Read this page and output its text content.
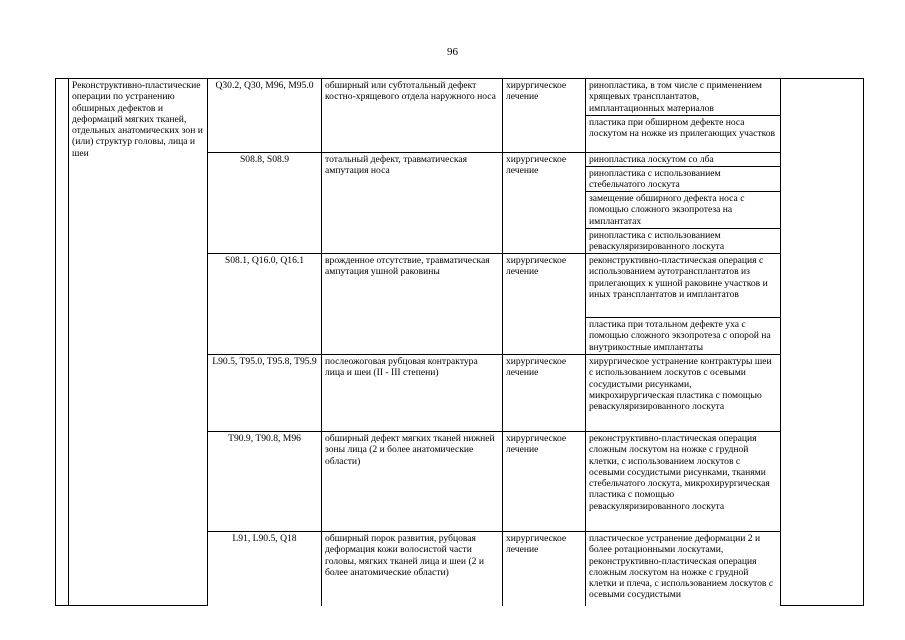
96
	Реконструктивно-пластические операции по устранению обширных дефектов и деформаций мягких тканей, отдельных анатомических зон и (или) структур головы, лица и шеи	Q30.2, Q30, M96, M95.0	обширный или субтотальный дефект костно-хрящевого отдела наружного носа	хирургическое лечение	ринопластика, в том числе с применением хрящевых трансплантатов, имплантационных материалов	
					пластика при обширном дефекте носа лоскутом на ножке из прилегающих участков	
		S08.8, S08.9	тотальный дефект, травматическая ампутация носа	хирургическое лечение	ринопластика лоскутом со лба	
					ринопластика с использованием стебельчатого лоскута	
					замещение обширного дефекта носа с помощью сложного экзопротеза на имплантатах	
					ринопластика с использованием реваскуляризированного лоскута	
		S08.1, Q16.0, Q16.1	врожденное отсутствие, травматическая ампутация ушной раковины	хирургическое лечение	реконструктивно-пластическая операция с использованием аутотрансплантатов из прилегающих к ушной раковине участков и иных трансплантатов и имплантатов	
					пластика при тотальном дефекте уха с помощью сложного экзопротеза с опорой на внутрикостные имплантаты	
		L90.5, T95.0, T95.8, T95.9	послеожоговая рубцовая контрактура лица и шеи (II - III степени)	хирургическое лечение	хирургическое устранение контрактуры шеи с использованием лоскутов с осевыми сосудистыми рисунками, микрохирургическая пластика с помощью реваскуляризированного лоскута	
		T90.9, T90.8, M96	обширный дефект мягких тканей нижней зоны лица (2 и более анатомические области)	хирургическое лечение	реконструктивно-пластическая операция сложным лоскутом на ножке с грудной клетки, с использованием лоскутов с осевыми сосудистыми рисунками, тканями стебельчатого лоскута, микрохирургическая пластика с помощью реваскуляризированного лоскута	
		L91, L90.5, Q18	обширный порок развития, рубцовая деформация кожи волосистой части головы, мягких тканей лица и шеи (2 и более анатомические области)	хирургическое лечение	пластическое устранение деформации 2 и более ротационными лоскутами, реконструктивно-пластическая операция сложным лоскутом на ножке с грудной клетки и плеча, с использованием лоскутов с осевыми сосудистыми	
